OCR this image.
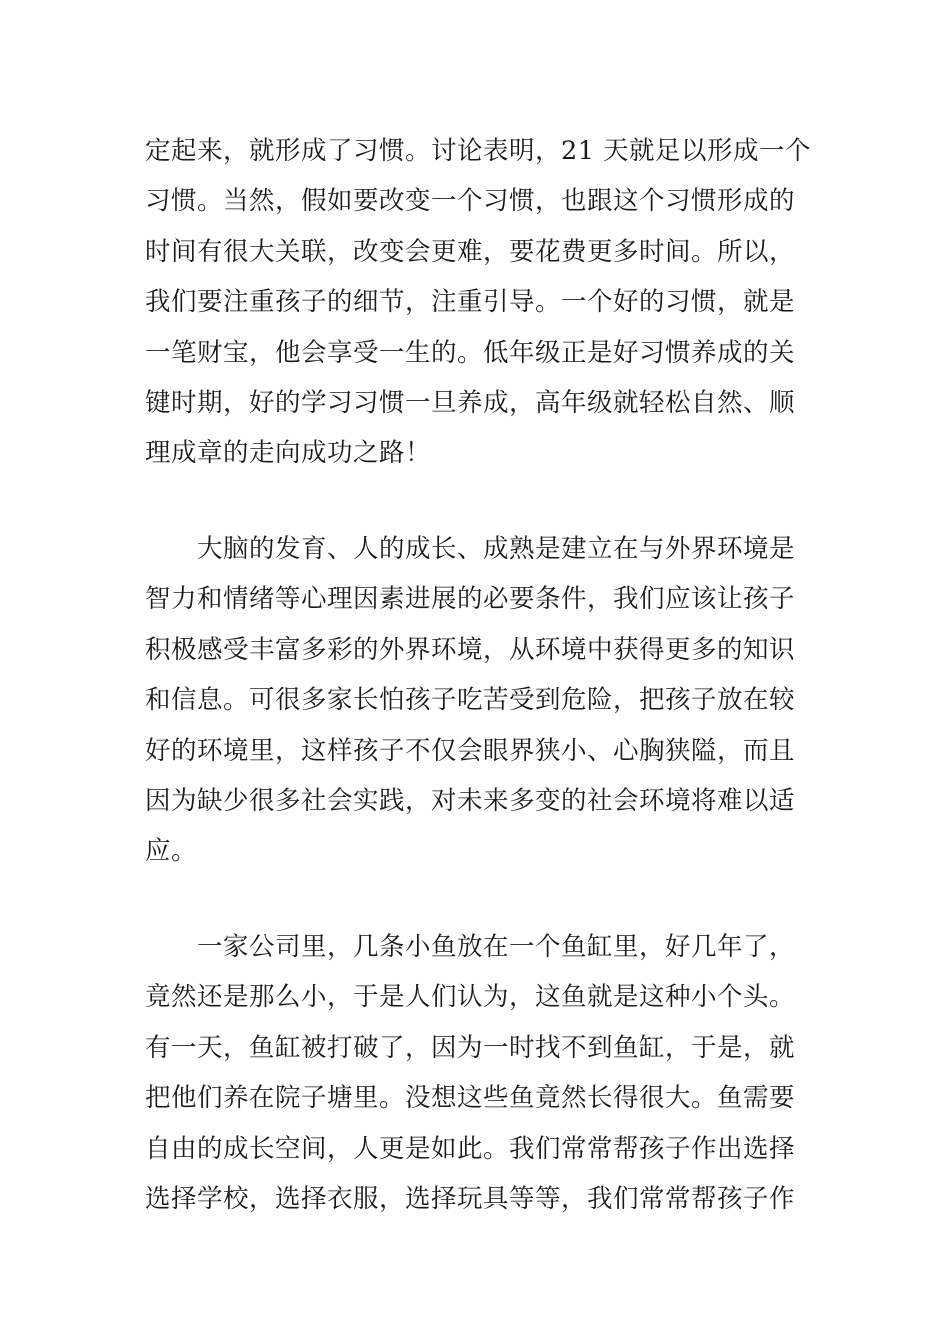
定起来，就形成了习惯。讨论表明，21 天就足以形成一个
习惯。当然，假如要改变一个习惯，也跟这个习惯形成的
时间有很大关联，改变会更难，要花费更多时间。所以，
我们要注重孩子的细节，注重引导。一个好的习惯，就是
一笔财宝，他会享受一生的。低年级正是好习惯养成的关
键时期，好的学习习惯一旦养成，高年级就轻松自然、顺
理成章的走向成功之路！
　　大脑的发育、人的成长、成熟是建立在与外界环境是
智力和情绪等心理因素进展的必要条件，我们应该让孩子
积极感受丰富多彩的外界环境，从环境中获得更多的知识
和信息。可很多家长怕孩子吃苦受到危险，把孩子放在较
好的环境里，这样孩子不仅会眼界狭小、心胸狭隘，而且
因为缺少很多社会实践，对未来多变的社会环境将难以适
应。
　　一家公司里，几条小鱼放在一个鱼缸里，好几年了，
竟然还是那么小，于是人们认为，这鱼就是这种小个头。
有一天，鱼缸被打破了，因为一时找不到鱼缸，于是，就
把他们养在院子塘里。没想这些鱼竟然长得很大。鱼需要
自由的成长空间，人更是如此。我们常常帮孩子作出选择
选择学校，选择衣服，选择玩具等等，我们常常帮孩子作
